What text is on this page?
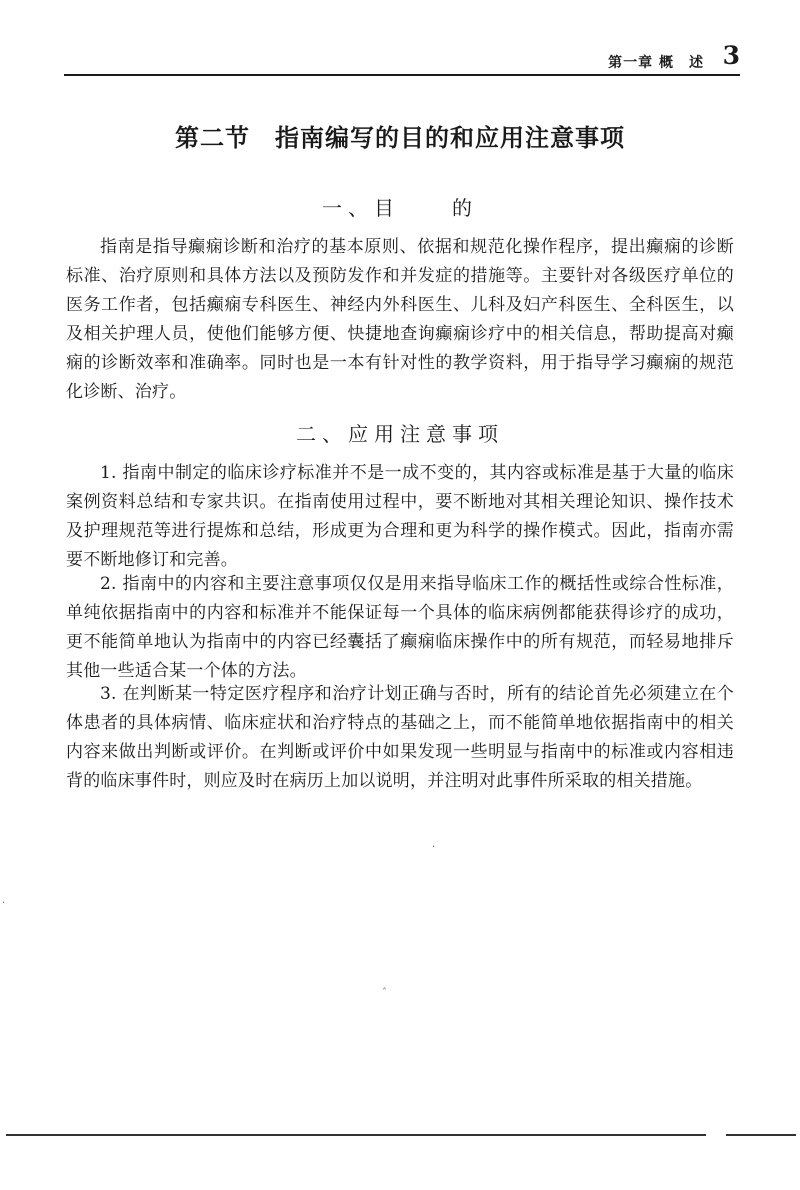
第一章 概　述 3
第二节　指南编写的目的和应用注意事项
一、目　　的

指南是指导癫痫诊断和治疗的基本原则、依据和规范化操作程序，提出癫痫的诊断标准、治疗原则和具体方法以及预防发作和并发症的措施等。主要针对各级医疗单位的医务工作者，包括癫痫专科医生、神经内外科医生、儿科及妇产科医生、全科医生，以及相关护理人员，使他们能够方便、快捷地查询癫痫诊疗中的相关信息，帮助提高对癫痫的诊断效率和准确率。同时也是一本有针对性的教学资料，用于指导学习癫痫的规范化诊断、治疗。

二、应用注意事项

1. 指南中制定的临床诊疗标准并不是一成不变的，其内容或标准是基于大量的临床案例资料总结和专家共识。在指南使用过程中，要不断地对其相关理论知识、操作技术及护理规范等进行提炼和总结，形成更为合理和更为科学的操作模式。因此，指南亦需要不断地修订和完善。

2. 指南中的内容和主要注意事项仅仅是用来指导临床工作的概括性或综合性标准，单纯依据指南中的内容和标准并不能保证每一个具体的临床病例都能获得诊疗的成功，更不能简单地认为指南中的内容已经囊括了癫痫临床操作中的所有规范，而轻易地排斥其他一些适合某一个体的方法。

3. 在判断某一特定医疗程序和治疗计划正确与否时，所有的结论首先必须建立在个体患者的具体病情、临床症状和治疗特点的基础之上，而不能简单地依据指南中的相关内容来做出判断或评价。在判断或评价中如果发现一些明显与指南中的标准或内容相违背的临床事件时，则应及时在病历上加以说明，并注明对此事件所采取的相关措施。

·
·
ˆ
